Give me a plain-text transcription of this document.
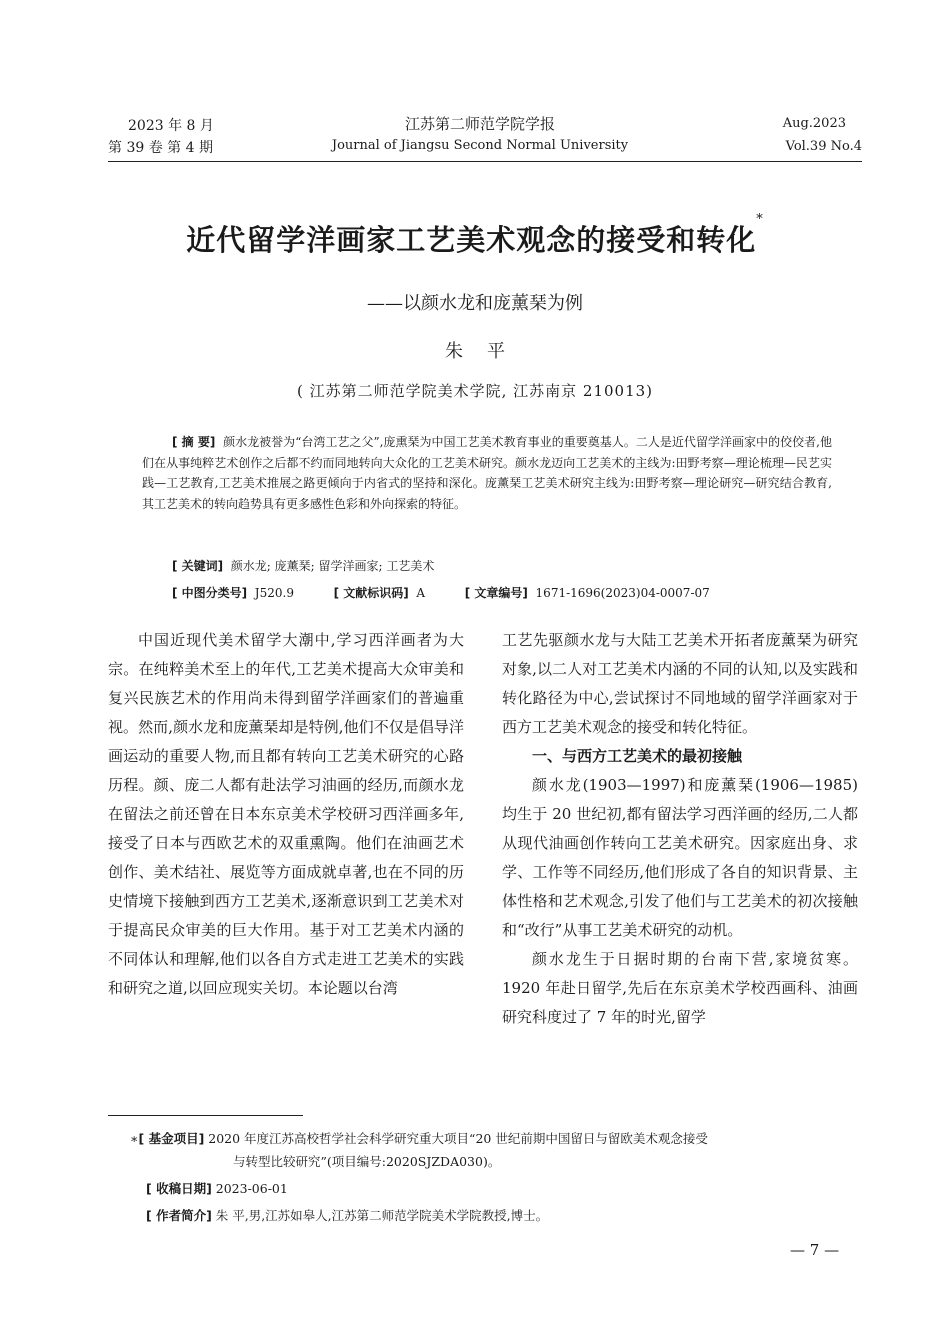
2023 年 8 月
第 39 卷 第 4 期
江苏第二师范学院学报
Journal of Jiangsu Second Normal University
Aug.2023
Vol.39 No.4
近代留学洋画家工艺美术观念的接受和转化*
——以颜水龙和庞薰琹为例
朱平
( 江苏第二师范学院美术学院, 江苏南京 210013)

[ 摘 要] 颜水龙被誉为“台湾工艺之父”,庞熏琹为中国工艺美术教育事业的重要奠基人。二人是近代留学洋画家中的佼佼者,他们在从事纯粹艺术创作之后都不约而同地转向大众化的工艺美术研究。颜水龙迈向工艺美术的主线为:田野考察—理论梳理—民艺实践—工艺教育,工艺美术推展之路更倾向于内省式的坚持和深化。庞薰琹工艺美术研究主线为:田野考察—理论研究—研究结合教育,其工艺美术的转向趋势具有更多感性色彩和外向探索的特征。

[ 关键词] 颜水龙; 庞薰琹; 留学洋画家; 工艺美术
[ 中图分类号] J520.9	[ 文献标识码] A	[ 文章编号] 1671-1696(2023)04-0007-07

中国近现代美术留学大潮中,学习西洋画者为大宗。在纯粹美术至上的年代,工艺美术提高大众审美和复兴民族艺术的作用尚未得到留学洋画家们的普遍重视。然而,颜水龙和庞薰琹却是特例,他们不仅是倡导洋画运动的重要人物,而且都有转向工艺美术研究的心路历程。颜、庞二人都有赴法学习油画的经历,而颜水龙在留法之前还曾在日本东京美术学校研习西洋画多年,接受了日本与西欧艺术的双重熏陶。他们在油画艺术创作、美术结社、展览等方面成就卓著,也在不同的历史情境下接触到西方工艺美术,逐渐意识到工艺美术对于提高民众审美的巨大作用。基于对工艺美术内涵的不同体认和理解,他们以各自方式走进工艺美术的实践和研究之道,以回应现实关切。本论题以台湾

工艺先驱颜水龙与大陆工艺美术开拓者庞薰琹为研究对象,以二人对工艺美术内涵的不同的认知,以及实践和转化路径为中心,尝试探讨不同地域的留学洋画家对于西方工艺美术观念的接受和转化特征。

一、与西方工艺美术的最初接触

颜水龙(1903—1997)和庞薰琹(1906—1985)均生于 20 世纪初,都有留法学习西洋画的经历,二人都从现代油画创作转向工艺美术研究。因家庭出身、求学、工作等不同经历,他们形成了各自的知识背景、主体性格和艺术观念,引发了他们与工艺美术的初次接触和“改行”从事工艺美术研究的动机。

颜水龙生于日据时期的台南下营,家境贫寒。1920 年赴日留学,先后在东京美术学校西画科、油画研究科度过了 7 年的时光,留学

∗[ 基金项目] 2020 年度江苏高校哲学社会科学研究重大项目“20 世纪前期中国留日与留欧美术观念接受
与转型比较研究”(项目编号:2020SJZDA030)。
[ 收稿日期] 2023-06-01
[ 作者简介] 朱 平,男,江苏如皋人,江苏第二师范学院美术学院教授,博士。
— 7 —
